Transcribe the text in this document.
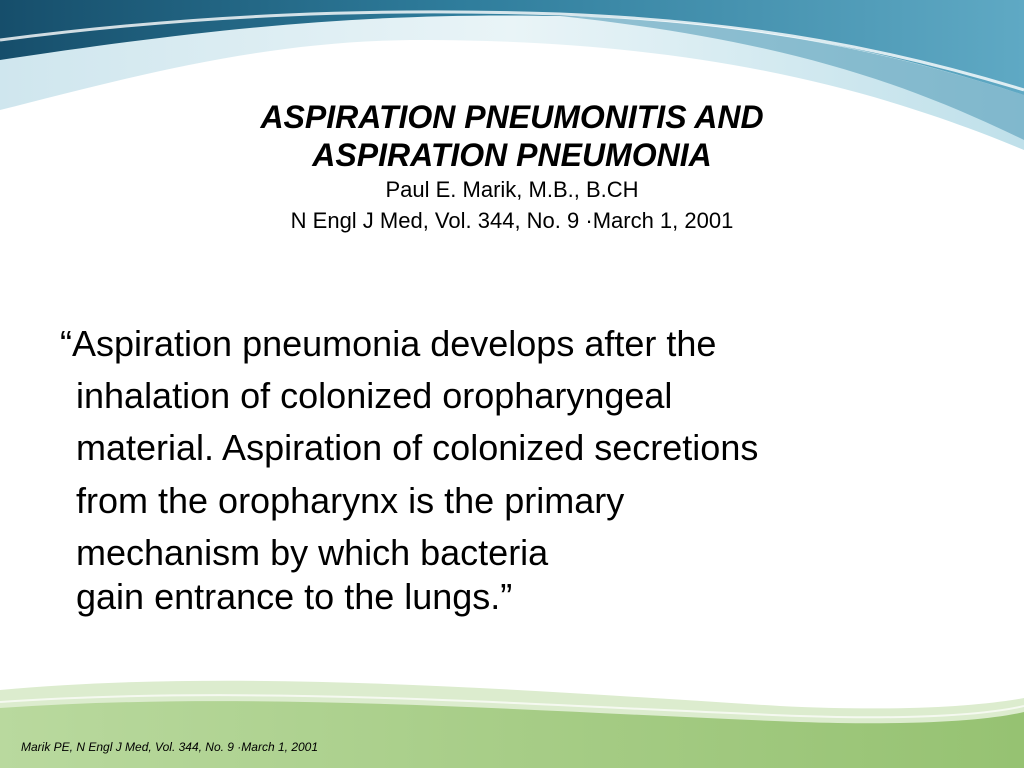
ASPIRATION PNEUMONITIS AND
ASPIRATION PNEUMONIA
Paul E. Marik, M.B., B.CH
N Engl J Med, Vol. 344, No. 9 ·March 1, 2001
“Aspiration pneumonia develops after the
inhalation of colonized oropharyngeal
material. Aspiration of colonized secretions
from the oropharynx is the primary
mechanism by which bacteria
gain entrance to the lungs.”
Marik PE, N Engl J Med, Vol. 344, No. 9 ·March 1, 2001
